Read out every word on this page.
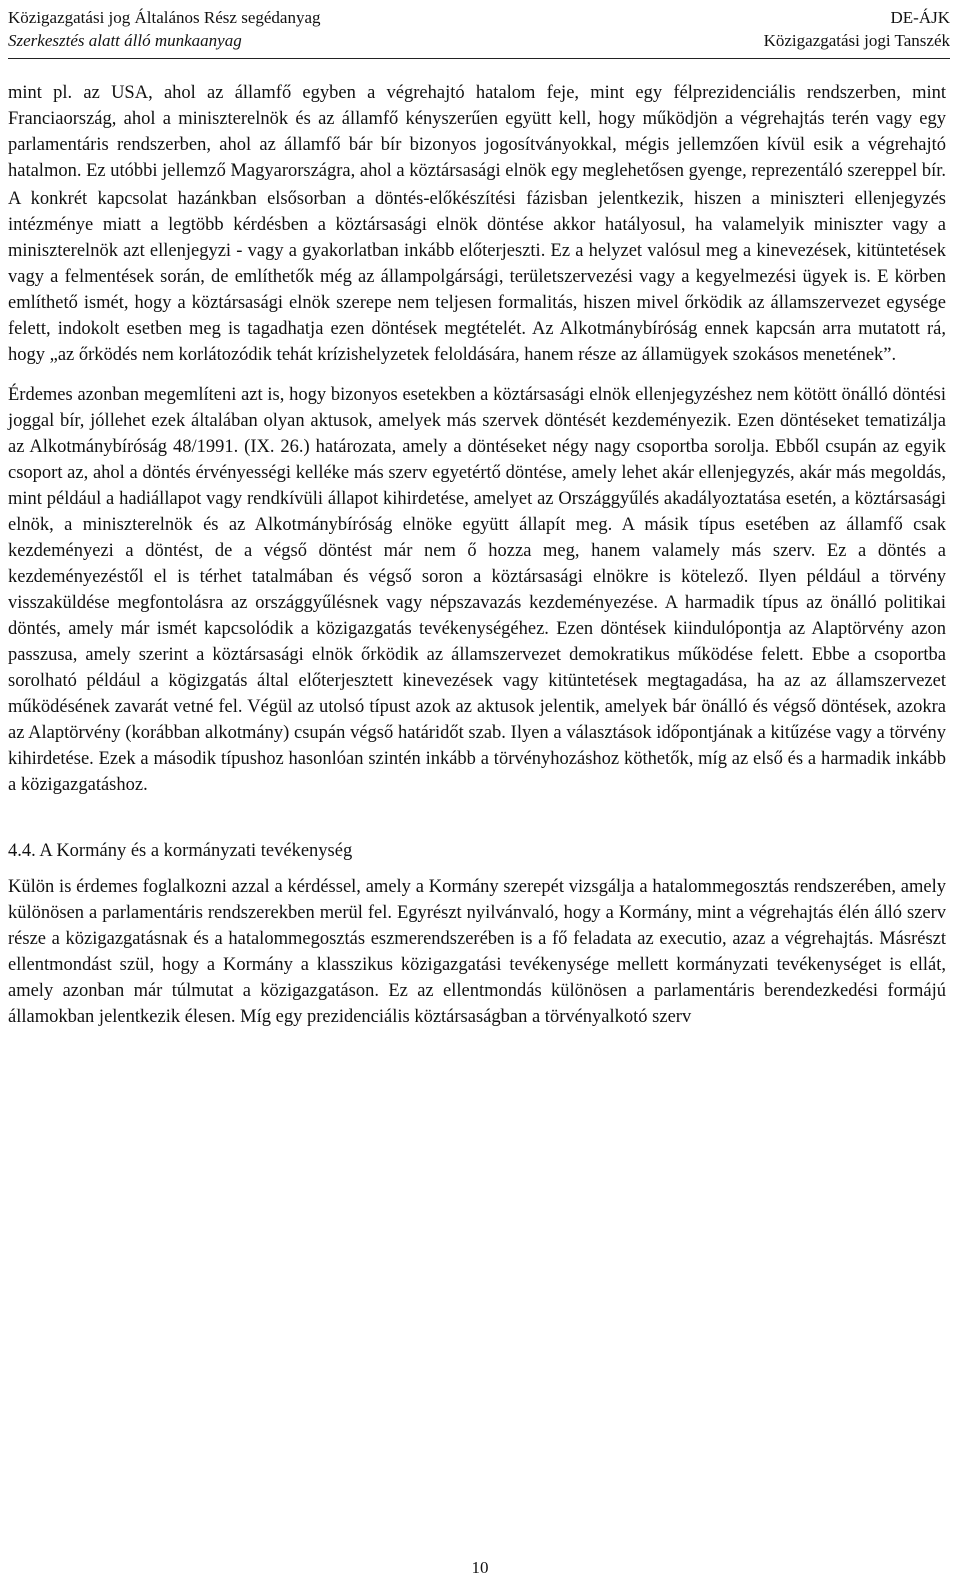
Közigazgatási jog Általános Rész segédanyag
Szerkesztés alatt álló munkaanyag
DE-ÁJK
Közigazgatási jogi Tanszék

mint pl. az USA, ahol az államfő egyben a végrehajtó hatalom feje, mint egy félprezidenciális rendszerben, mint Franciaország, ahol a miniszterelnök és az államfő kényszerűen együtt kell, hogy működjön a végrehajtás terén vagy egy parlamentáris rendszerben, ahol az államfő bár bír bizonyos jogosítványokkal, mégis jellemzően kívül esik a végrehajtó hatalmon. Ez utóbbi jellemző Magyarországra, ahol a köztársasági elnök egy meglehetősen gyenge, reprezentáló szereppel bír.

A konkrét kapcsolat hazánkban elsősorban a döntés-előkészítési fázisban jelentkezik, hiszen a miniszteri ellenjegyzés intézménye miatt a legtöbb kérdésben a köztársasági elnök döntése akkor hatályosul, ha valamelyik miniszter vagy a miniszterelnök azt ellenjegyzi - vagy a gyakorlatban inkább előterjeszti. Ez a helyzet valósul meg a kinevezések, kitüntetések vagy a felmentések során, de említhetők még az állampolgársági, területszervezési vagy a kegyelmezési ügyek is. E körben említhető ismét, hogy a köztársasági elnök szerepe nem teljesen formalitás, hiszen mivel őrködik az államszervezet egysége felett, indokolt esetben meg is tagadhatja ezen döntések megtételét. Az Alkotmánybíróság ennek kapcsán arra mutatott rá, hogy „az őrködés nem korlátozódik tehát krízishelyzetek feloldására, hanem része az államügyek szokásos menetének”.

Érdemes azonban megemlíteni azt is, hogy bizonyos esetekben a köztársasági elnök ellenjegyzéshez nem kötött önálló döntési joggal bír, jóllehet ezek általában olyan aktusok, amelyek más szervek döntését kezdeményezik. Ezen döntéseket tematizálja az Alkotmánybíróság 48/1991. (IX. 26.) határozata, amely a döntéseket négy nagy csoportba sorolja. Ebből csupán az egyik csoport az, ahol a döntés érvényességi kelléke más szerv egyetértő döntése, amely lehet akár ellenjegyzés, akár más megoldás, mint például a hadiállapot vagy rendkívüli állapot kihirdetése, amelyet az Országgyűlés akadályoztatása esetén, a köztársasági elnök, a miniszterelnök és az Alkotmánybíróság elnöke együtt állapít meg. A másik típus esetében az államfő csak kezdeményezi a döntést, de a végső döntést már nem ő hozza meg, hanem valamely más szerv. Ez a döntés a kezdeményezéstől el is térhet tatalmában és végső soron a köztársasági elnökre is kötelező. Ilyen például a törvény visszaküldése megfontolásra az országgyűlésnek vagy népszavazás kezdeményezése. A harmadik típus az önálló politikai döntés, amely már ismét kapcsolódik a közigazgatás tevékenységéhez. Ezen döntések kiindulópontja az Alaptörvény azon passzusa, amely szerint a köztársasági elnök őrködik az államszervezet demokratikus működése felett. Ebbe a csoportba sorolható például a kögizgatás által előterjesztett kinevezések vagy kitüntetések megtagadása, ha az az államszervezet működésének zavarát vetné fel. Végül az utolsó típust azok az aktusok jelentik, amelyek bár önálló és végső döntések, azokra az Alaptörvény (korábban alkotmány) csupán végső határidőt szab. Ilyen a választások időpontjának a kitűzése vagy a törvény kihirdetése. Ezek a második típushoz hasonlóan szintén inkább a törvényhozáshoz köthetők, míg az első és a harmadik inkább a közigazgatáshoz.

4.4. A Kormány és a kormányzati tevékenység

Külön is érdemes foglalkozni azzal a kérdéssel, amely a Kormány szerepét vizsgálja a hatalommegosztás rendszerében, amely különösen a parlamentáris rendszerekben merül fel. Egyrészt nyilvánvaló, hogy a Kormány, mint a végrehajtás élén álló szerv része a közigazgatásnak és a hatalommegosztás eszmerendszerében is a fő feladata az executio, azaz a végrehajtás. Másrészt ellentmondást szül, hogy a Kormány a klasszikus közigazgatási tevékenysége mellett kormányzati tevékenységet is ellát, amely azonban már túlmutat a közigazgatáson. Ez az ellentmondás különösen a parlamentáris berendezkedési formájú államokban jelentkezik élesen. Míg egy prezidenciális köztársaságban a törvényalkotó szerv

10
